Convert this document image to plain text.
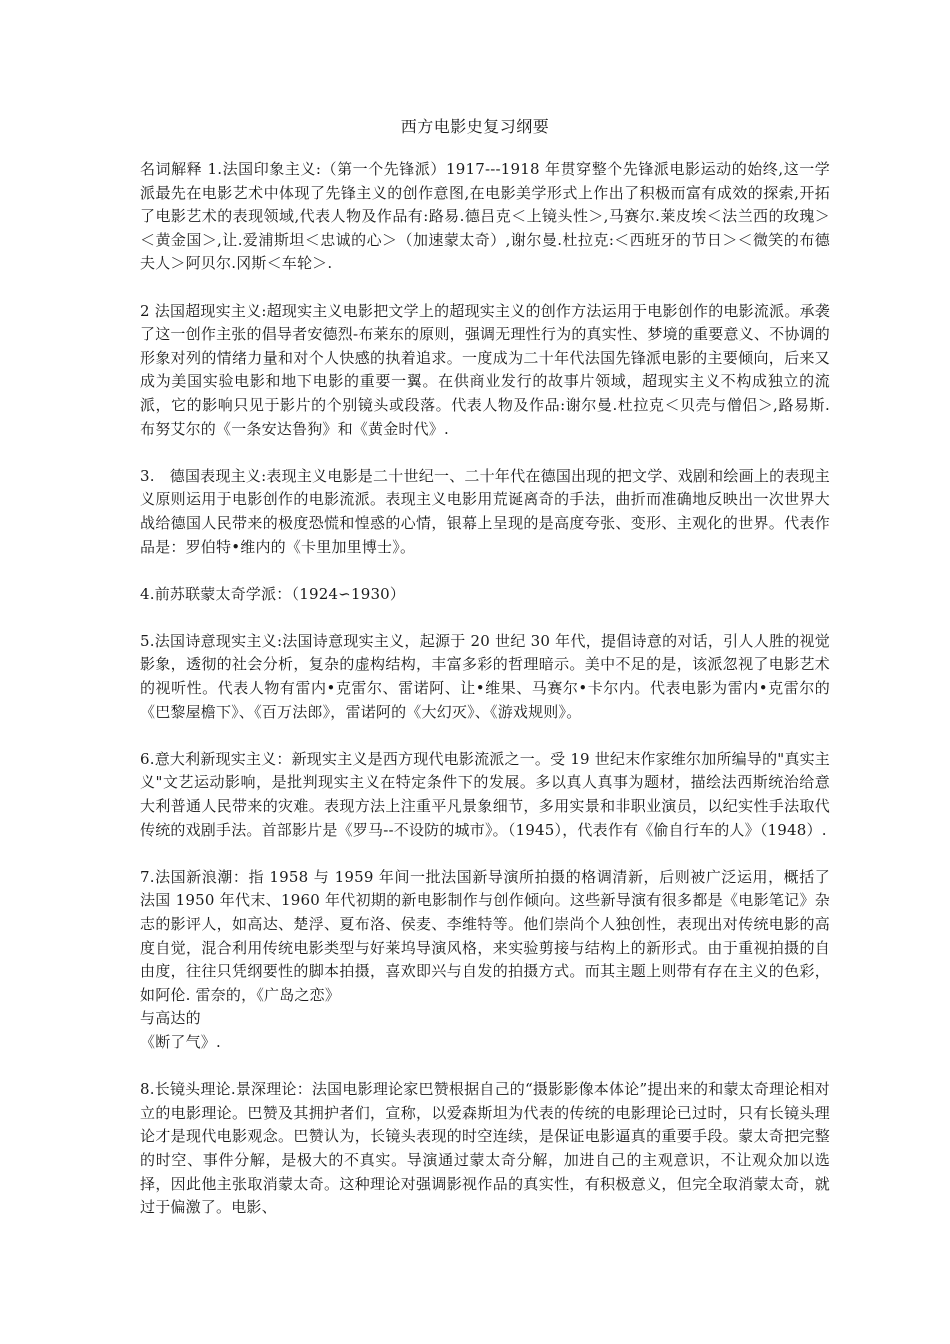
西方电影史复习纲要

名词解释 1.法国印象主义:（第一个先锋派）1917---1918 年贯穿整个先锋派电影运动的始终,这一学派最先在电影艺术中体现了先锋主义的创作意图,在电影美学形式上作出了积极而富有成效的探索,开拓了电影艺术的表现领域,代表人物及作品有:路易.德吕克＜上镜头性＞,马赛尔.莱皮埃＜法兰西的玫瑰＞＜黄金国＞,让.爱浦斯坦＜忠诚的心＞（加速蒙太奇）,谢尔曼.杜拉克:＜西班牙的节日＞＜微笑的布德夫人＞阿贝尔.冈斯＜车轮＞.

2 法国超现实主义:超现实主义电影把文学上的超现实主义的创作方法运用于电影创作的电影流派。承袭了这一创作主张的倡导者安德烈-布莱东的原则，强调无理性行为的真实性、梦境的重要意义、不协调的形象对列的情绪力量和对个人快感的执着追求。一度成为二十年代法国先锋派电影的主要倾向，后来又成为美国实验电影和地下电影的重要一翼。在供商业发行的故事片领域，超现实主义不构成独立的流派，它的影响只见于影片的个别镜头或段落。代表人物及作品:谢尔曼.杜拉克＜贝壳与僧侣＞,路易斯. 布努艾尔的《一条安达鲁狗》和《黄金时代》.

3.   德国表现主义:表现主义电影是二十世纪一、二十年代在德国出现的把文学、戏剧和绘画上的表现主义原则运用于电影创作的电影流派。表现主义电影用荒诞离奇的手法，曲折而准确地反映出一次世界大战给德国人民带来的极度恐慌和惶惑的心情，银幕上呈现的是高度夸张、变形、主观化的世界。代表作品是：罗伯特•维内的《卡里加里博士》。

4.前苏联蒙太奇学派：（1924∽1930）

5.法国诗意现实主义:法国诗意现实主义，起源于 20 世纪 30 年代，提倡诗意的对话，引人人胜的视觉影象，透彻的社会分析，复杂的虚构结构，丰富多彩的哲理暗示。美中不足的是，该派忽视了电影艺术的视听性。代表人物有雷内•克雷尔、雷诺阿、让•维果、马赛尔•卡尔内。代表电影为雷内•克雷尔的《巴黎屋檐下》、《百万法郎》，雷诺阿的《大幻灭》、《游戏规则》。

6.意大利新现实主义：新现实主义是西方现代电影流派之一。受 19 世纪末作家维尔加所编导的"真实主义"文艺运动影响，是批判现实主义在特定条件下的发展。多以真人真事为题材，描绘法西斯统治给意大利普通人民带来的灾难。表现方法上注重平凡景象细节，多用实景和非职业演员，以纪实性手法取代传统的戏剧手法。首部影片是《罗马--不设防的城市》。（1945），代表作有《偷自行车的人》（1948）.

7.法国新浪潮：指 1958 与 1959 年间一批法国新导演所拍摄的格调清新，后则被广泛运用，概括了法国 1950 年代末、1960 年代初期的新电影制作与创作倾向。这些新导演有很多都是《电影笔记》杂志的影评人，如高达、楚浮、夏布洛、侯麦、李维特等。他们崇尚个人独创性，表现出对传统电影的高度自觉，混合利用传统电影类型与好莱坞导演风格，来实验剪接与结构上的新形式。由于重视拍摄的自由度，往往只凭纲要性的脚本拍摄，喜欢即兴与自发的拍摄方式。而其主题上则带有存在主义的色彩，如阿伦. 雷奈的，《广岛之恋》

与高达的

《断了气》.

8.长镜头理论.景深理论：法国电影理论家巴赞根据自己的“摄影影像本体论”提出来的和蒙太奇理论相对立的电影理论。巴赞及其拥护者们，宣称，以爱森斯坦为代表的传统的电影理论已过时，只有长镜头理论才是现代电影观念。巴赞认为，长镜头表现的时空连续，是保证电影逼真的重要手段。蒙太奇把完整的时空、事件分解，是极大的不真实。导演通过蒙太奇分解，加进自己的主观意识，不让观众加以选择，因此他主张取消蒙太奇。这种理论对强调影视作品的真实性，有积极意义，但完全取消蒙太奇，就过于偏激了。电影、
